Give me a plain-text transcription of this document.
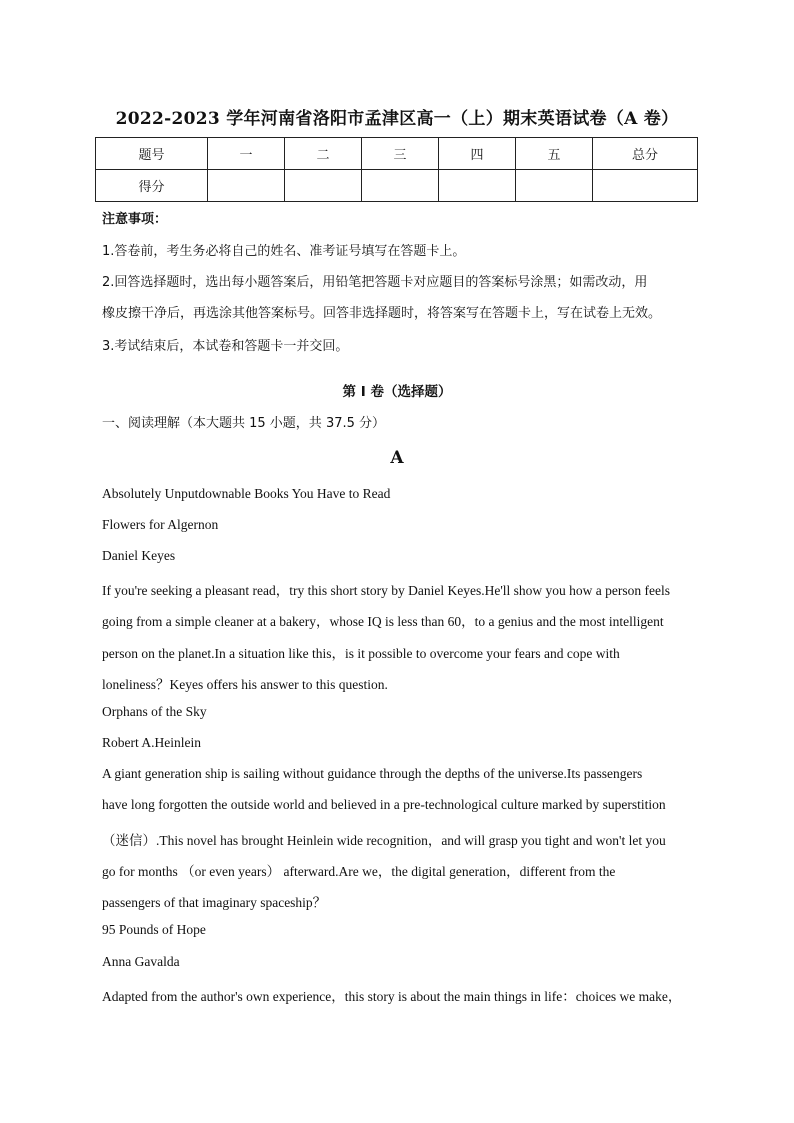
2022-2023 学年河南省洛阳市孟津区高一（上）期末英语试卷（A 卷）
题号	一	二	三	四	五	总分
得分						
注意事项：
1.答卷前，考生务必将自己的姓名、准考证号填写在答题卡上。
2.回答选择题时，选出每小题答案后，用铅笔把答题卡对应题目的答案标号涂黑；如需改动，用
橡皮擦干净后，再选涂其他答案标号。回答非选择题时，将答案写在答题卡上，写在试卷上无效。
3.考试结束后，本试卷和答题卡一并交回。
第 I 卷（选择题）
一、阅读理解（本大题共 15 小题，共 37.5 分）
A
Absolutely Unputdownable Books You Have to Read
Flowers for Algernon
Daniel Keyes
If you're seeking a pleasant read，try this short story by Daniel Keyes.He'll show you how a person feels
going from a simple cleaner at a bakery，whose IQ is less than 60，to a genius and the most intelligent
person on the planet.In a situation like this，is it possible to overcome your fears and cope with
loneliness？Keyes offers his answer to this question.
Orphans of the Sky
Robert A.Heinlein
A giant generation ship is sailing without guidance through the depths of the universe.Its passengers
have long forgotten the outside world and believed in a pre-technological culture marked by superstition
（迷信）.This novel has brought Heinlein wide recognition，and will grasp you tight and won't let you
go for months （or even years） afterward.Are we，the digital generation，different from the
passengers of that imaginary spaceship？
95 Pounds of Hope
Anna Gavalda
Adapted from the author's own experience，this story is about the main things in life：choices we make，
